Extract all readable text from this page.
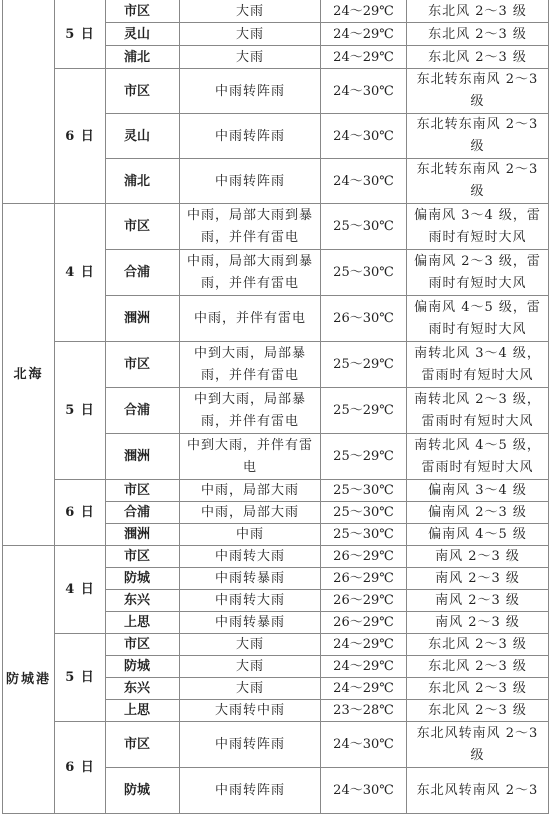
	5 日	市区	大雨	24～29℃	东北风 2～3 级
		灵山	大雨	24～29℃	东北风 2～3 级
		浦北	大雨	24～29℃	东北风 2～3 级
	6 日	市区	中雨转阵雨	24～30℃	东北转东南风 2～3 级
		灵山	中雨转阵雨	24～30℃	东北转东南风 2～3 级
		浦北	中雨转阵雨	24～30℃	东北转东南风 2～3 级
北海	4 日	市区	中雨，局部大雨到暴雨，并伴有雷电	25～30℃	偏南风 3～4 级，雷雨时有短时大风
		合浦	中雨，局部大雨到暴雨，并伴有雷电	25～30℃	偏南风 2～3 级，雷雨时有短时大风
		涠洲	中雨，并伴有雷电	26～30℃	偏南风 4～5 级，雷雨时有短时大风
	5 日	市区	中到大雨，局部暴雨，并伴有雷电	25～29℃	南转北风 3～4 级，雷雨时有短时大风
		合浦	中到大雨，局部暴雨，并伴有雷电	25～29℃	南转北风 2～3 级，雷雨时有短时大风
		涠洲	中到大雨，并伴有雷电	25～29℃	南转北风 4～5 级，雷雨时有短时大风
	6 日	市区	中雨，局部大雨	25～30℃	偏南风 3～4 级
		合浦	中雨，局部大雨	25～30℃	偏南风 2～3 级
		涠洲	中雨	25～30℃	偏南风 4～5 级
防城港	4 日	市区	中雨转大雨	26～29℃	南风 2～3 级
		防城	中雨转暴雨	26～29℃	南风 2～3 级
		东兴	中雨转大雨	26～29℃	南风 2～3 级
		上思	中雨转暴雨	26～29℃	南风 2～3 级
	5 日	市区	大雨	24～29℃	东北风 2～3 级
		防城	大雨	24～29℃	东北风 2～3 级
		东兴	大雨	24～29℃	东北风 2～3 级
		上思	大雨转中雨	23～28℃	东北风 2～3 级
	6 日	市区	中雨转阵雨	24～30℃	东北风转南风 2～3 级
		防城	中雨转阵雨	24～30℃	东北风转南风 2～3
